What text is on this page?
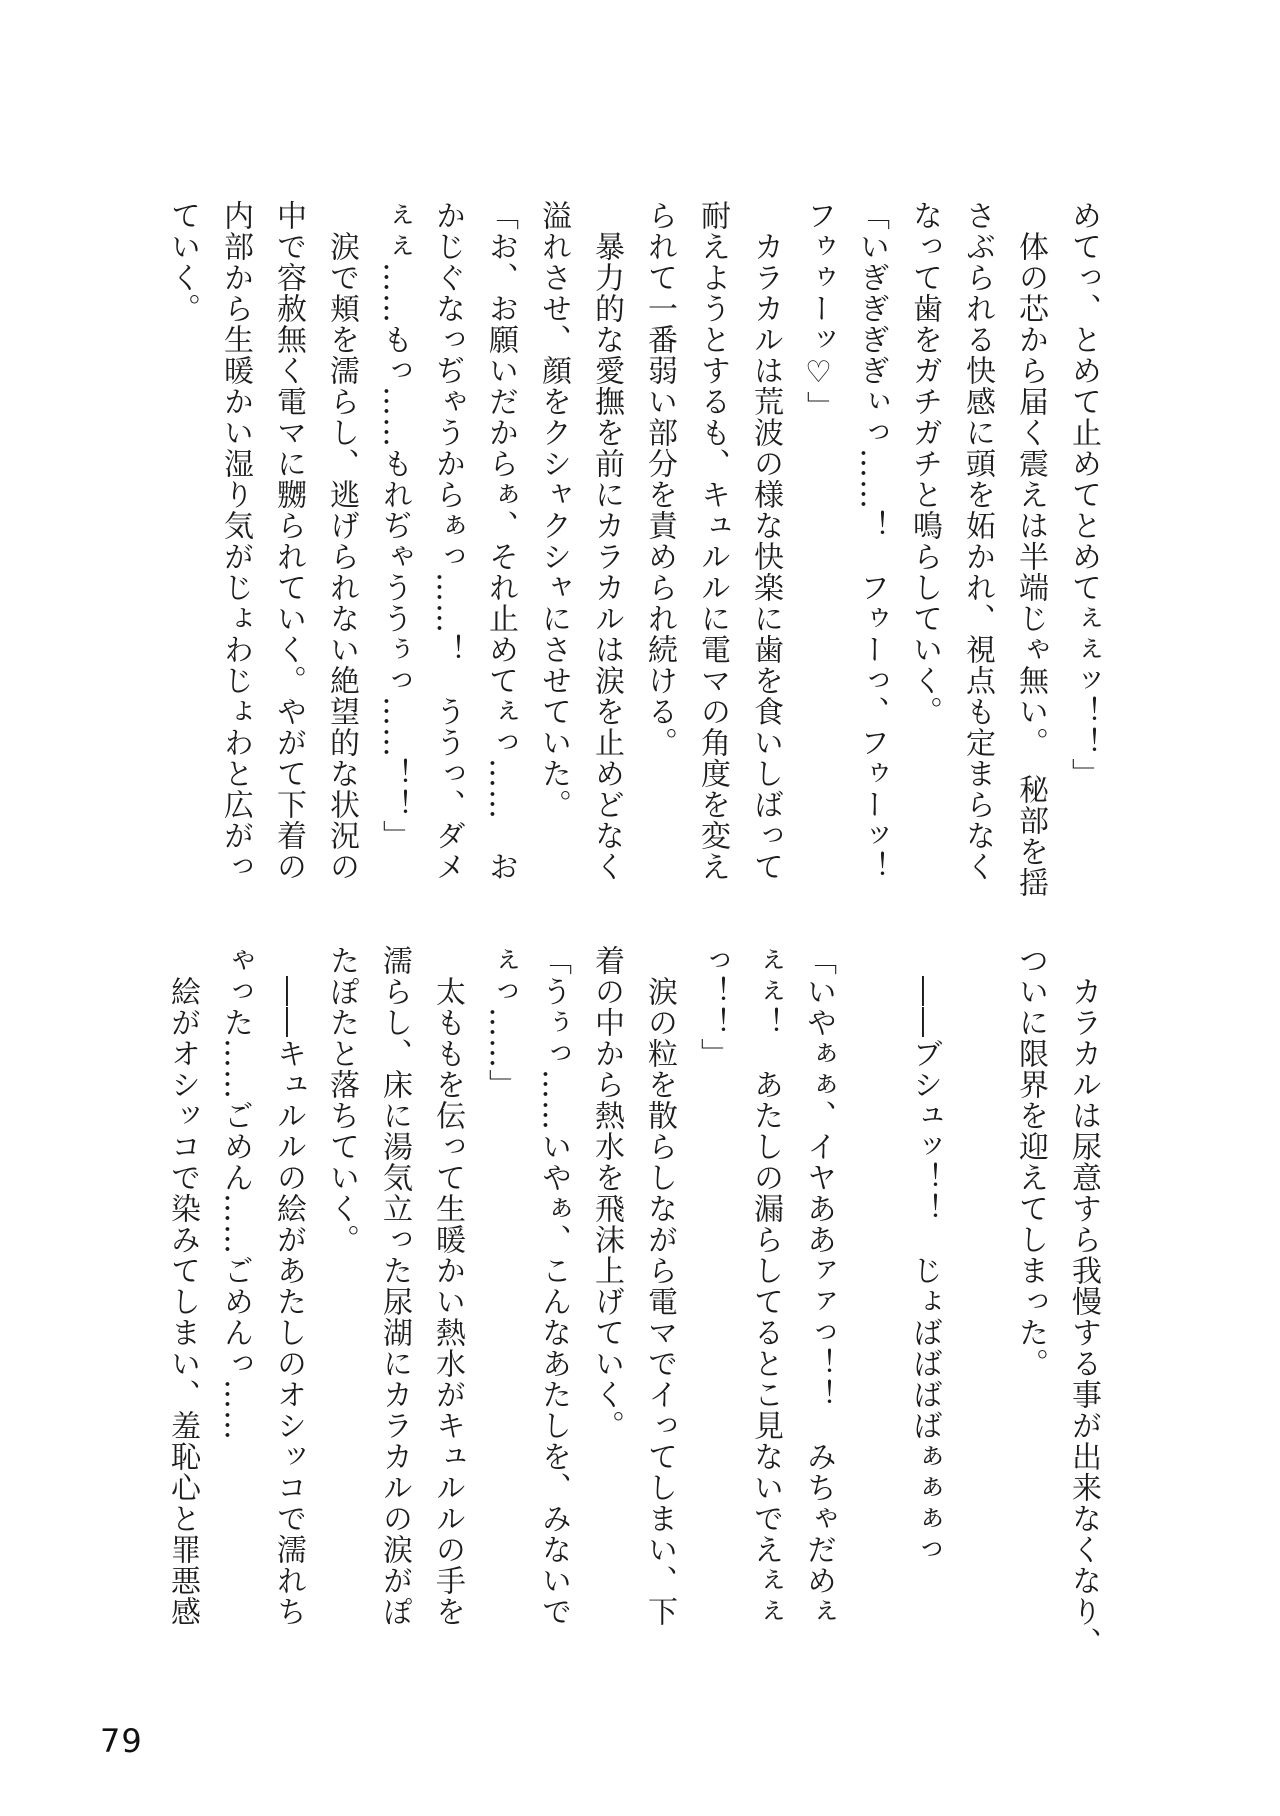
めてっ、とめて止めてとめてぇぇッ！！」
　体の芯から届く震えは半端じゃ無い。　秘部を揺
さぶられる快感に頭を妬かれ、視点も定まらなく
なって歯をガチガチと鳴らしていく。
「いぎぎぎぎぃっ……！　フゥーっ、フゥーッ！
フゥゥーッ♡」
　カラカルは荒波の様な快楽に歯を食いしばって
耐えようとするも、キュルルに電マの角度を変え
られて一番弱い部分を責められ続ける。
　暴力的な愛撫を前にカラカルは涙を止めどなく
溢れさせ、顔をクシャクシャにさせていた。
「お、お願いだからぁ、それ止めてぇっ……　お
かじぐなっぢゃうからぁっ……！　ううっ、ダメ
ぇぇ……もっ……もれぢゃううぅっ……！！」
　涙で頬を濡らし、逃げられない絶望的な状況の
中で容赦無く電マに嬲られていく。やがて下着の
内部から生暖かい湿り気がじょわじょわと広がっ
ていく。
　カラカルは尿意すら我慢する事が出来なくなり、
ついに限界を迎えてしまった。

　――ブシュッ！！　じょばばばばぁぁぁっ

「いやぁぁ、イヤああァァっ！！　みちゃだめぇ
ぇぇ！　あたしの漏らしてるとこ見ないでえぇぇ
っ！！」
　涙の粒を散らしながら電マでイってしまい、下
着の中から熱水を飛沫上げていく。
「うぅっ……いやぁ、こんなあたしを、みないで
ぇっ……」
　太ももを伝って生暖かい熱水がキュルルの手を
濡らし、床に湯気立った尿湖にカラカルの涙がぽ
たぽたと落ちていく。
　――キュルルの絵があたしのオシッコで濡れち
ゃった……ごめん……ごめんっ……
　絵がオシッコで染みてしまい、羞恥心と罪悪感
79
